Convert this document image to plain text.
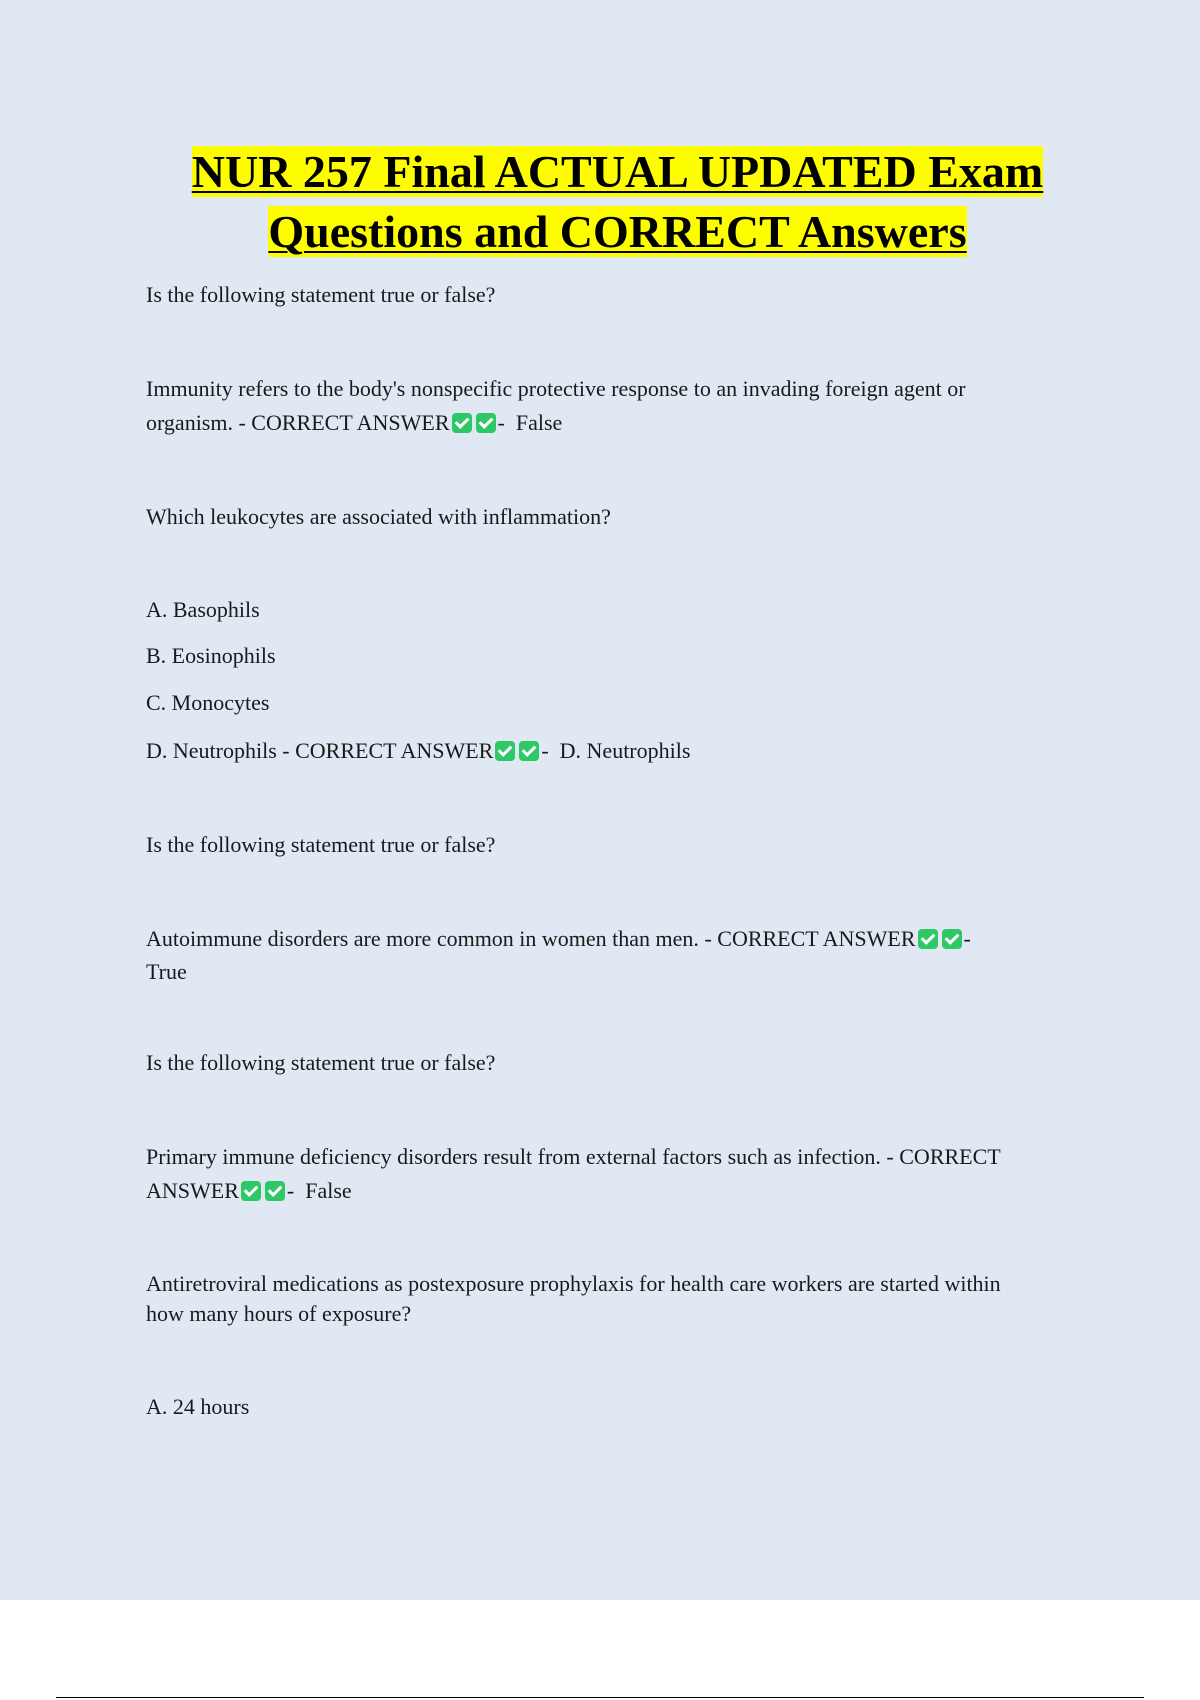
NUR 257 Final ACTUAL UPDATED Exam
Questions and CORRECT Answers
Is the following statement true or false?
Immunity refers to the body's nonspecific protective response to an invading foreign agent or
organism. - CORRECT ANSWER - False
Which leukocytes are associated with inflammation?
A. Basophils
B. Eosinophils
C. Monocytes
D. Neutrophils - CORRECT ANSWER - D. Neutrophils
Is the following statement true or false?
Autoimmune disorders are more common in women than men. - CORRECT ANSWER -
True
Is the following statement true or false?
Primary immune deficiency disorders result from external factors such as infection. - CORRECT
ANSWER - False
Antiretroviral medications as postexposure prophylaxis for health care workers are started within
how many hours of exposure?
A. 24 hours
